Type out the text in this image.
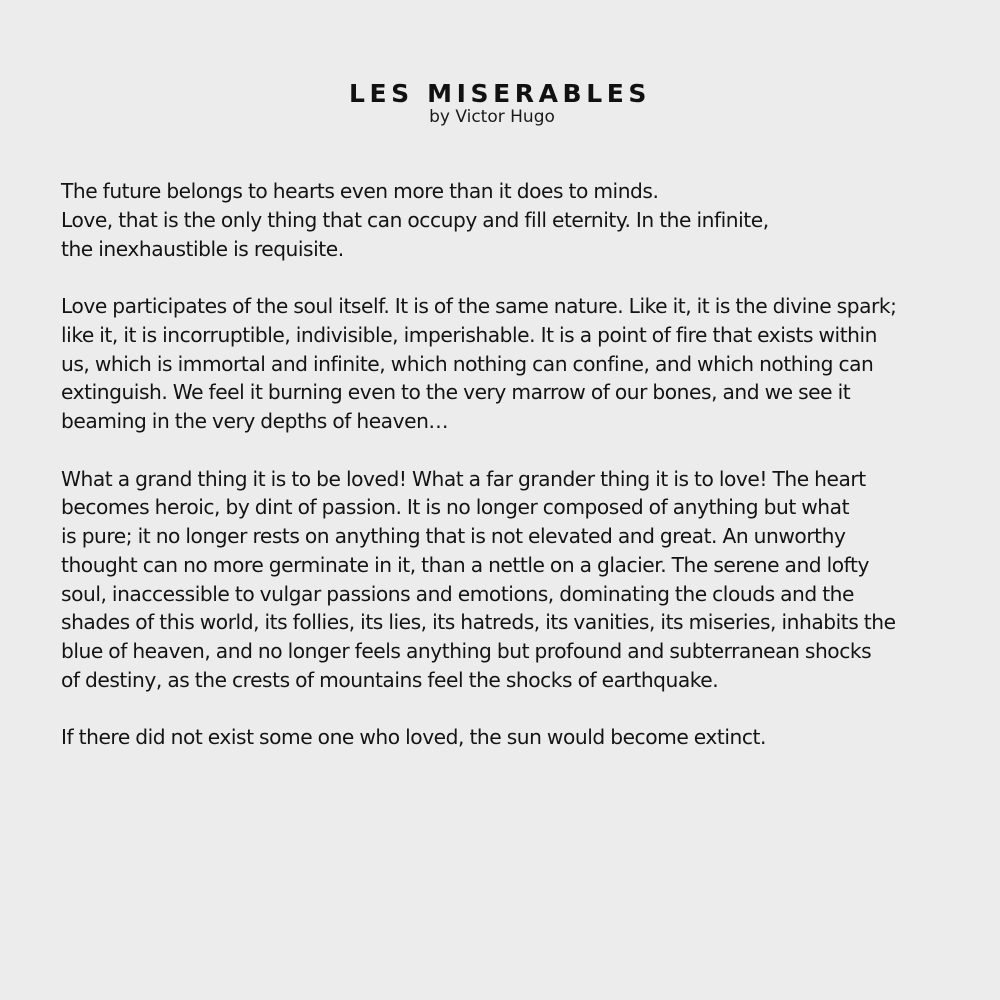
LES MISERABLES
by Victor Hugo
The future belongs to hearts even more than it does to minds.
Love, that is the only thing that can occupy and fill eternity. In the infinite,
the inexhaustible is requisite.
Love participates of the soul itself. It is of the same nature. Like it, it is the divine spark;
like it, it is incorruptible, indivisible, imperishable. It is a point of fire that exists within
us, which is immortal and infinite, which nothing can confine, and which nothing can
extinguish. We feel it burning even to the very marrow of our bones, and we see it
beaming in the very depths of heaven…
What a grand thing it is to be loved! What a far grander thing it is to love! The heart
becomes heroic, by dint of passion. It is no longer composed of anything but what
is pure; it no longer rests on anything that is not elevated and great. An unworthy
thought can no more germinate in it, than a nettle on a glacier. The serene and lofty
soul, inaccessible to vulgar passions and emotions, dominating the clouds and the
shades of this world, its follies, its lies, its hatreds, its vanities, its miseries, inhabits the
blue of heaven, and no longer feels anything but profound and subterranean shocks
of destiny, as the crests of mountains feel the shocks of earthquake.
If there did not exist some one who loved, the sun would become extinct.
